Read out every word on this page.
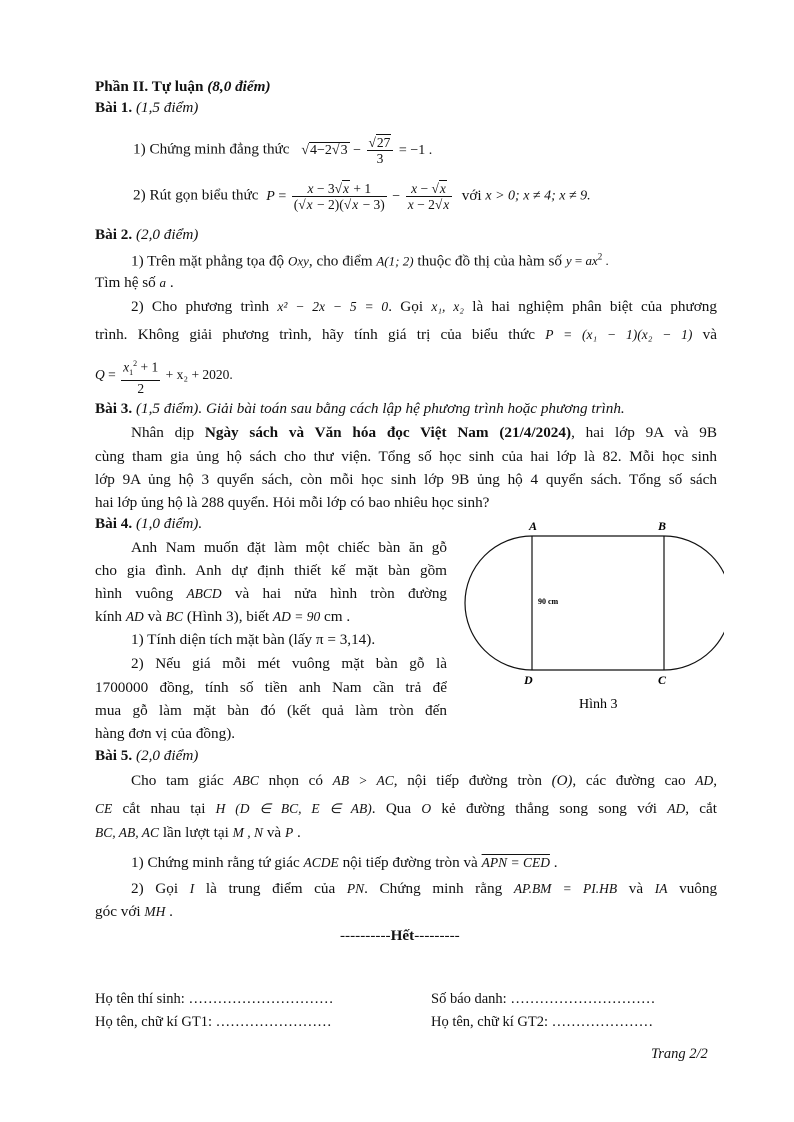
Phần II. Tự luận (8,0 điểm)
Bài 1. (1,5 điểm)
1) Chứng minh đẳng thức $√4-2√3 - \frac{√27}{3} = -1$ .
2) Rút gọn biểu thức $P = \frac{x - 3√x + 1}{(√x - 2)(√x - 3)} - \frac{x - √x}{x - 2√x}$ với x > 0; x ≠ 4; x ≠ 9.
Bài 2. (2,0 điểm)
1) Trên mặt phẳng tọa độ Oxy, cho điểm A(1; 2) thuộc đồ thị của hàm số $y = ax^2$ .
Tìm hệ số a .
2) Cho phương trình x² − 2x − 5 = 0. Gọi x₁, x₂ là hai nghiệm phân biệt của phương
trình. Không giải phương trình, hãy tính giá trị của biểu thức P = (x₁ − 1)(x₂ − 1) và
$Q = \frac{x_1^2 + 1}{2} + x_2 + 2020$.
Bài 3. (1,5 điểm). Giải bài toán sau bằng cách lập hệ phương trình hoặc phương trình.
Nhân dịp Ngày sách và Văn hóa đọc Việt Nam (21/4/2024), hai lớp 9A và 9B
cùng tham gia ủng hộ sách cho thư viện. Tổng số học sinh của hai lớp là 82. Mỗi học sinh
lớp 9A ủng hộ 3 quyển sách, còn mỗi học sinh lớp 9B ủng hộ 4 quyển sách. Tổng số sách
hai lớp ủng hộ là 288 quyển. Hỏi mỗi lớp có bao nhiêu học sinh?
Bài 4. (1,0 điểm).
Anh Nam muốn đặt làm một chiếc bàn ăn gỗ
cho gia đình. Anh dự định thiết kế mặt bàn gồm
hình vuông ABCD và hai nửa hình tròn đường
kính AD và BC (Hình 3), biết AD = 90 cm .
1) Tính diện tích mặt bàn (lấy π = 3,14).
2) Nếu giá mỗi mét vuông mặt bàn gỗ là
1700000 đồng, tính số tiền anh Nam cần trả để
mua gỗ làm mặt bàn đó (kết quả làm tròn đến
hàng đơn vị của đồng).
A	B
C
D
90 cm
Hình 3
Bài 5. (2,0 điểm)
Cho tam giác ABC nhọn có AB > AC, nội tiếp đường tròn (O), các đường cao AD,
CE cắt nhau tại H (D ∈ BC, E ∈ AB). Qua O kẻ đường thẳng song song với AD, cắt
BC, AB, AC lần lượt tại M , N và P .
1) Chứng minh rằng tứ giác ACDE nội tiếp đường tròn và APN = CED .
2) Gọi I là trung điểm của PN. Chứng minh rằng AP.BM = PI.HB và IA vuông
góc với MH .
----------Hết---------
Họ tên thí sinh: …………………………	Số báo danh: …………………………
Họ tên, chữ kí GT1: ……………………	Họ tên, chữ kí GT2: …………………
Trang 2/2
